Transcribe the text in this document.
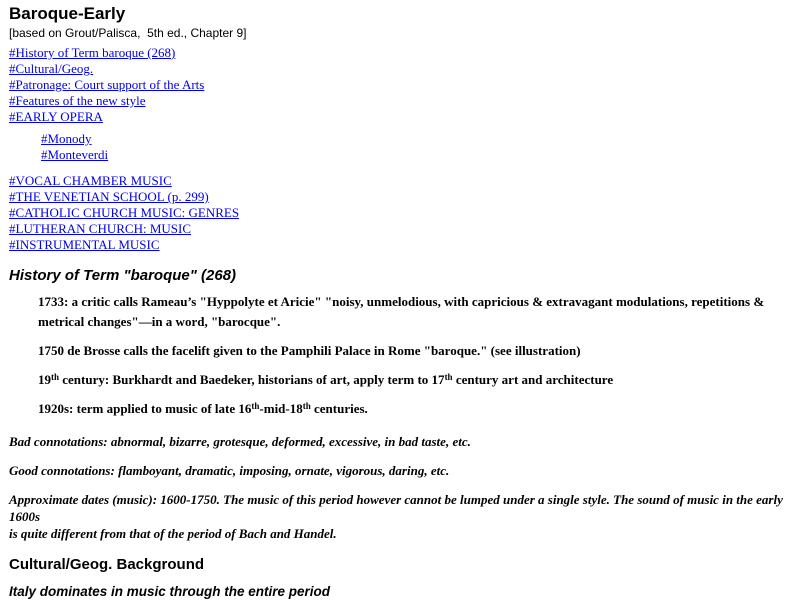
Baroque-Early
[based on Grout/Palisca,  5th ed., Chapter 9]
#History of Term baroque (268)
#Cultural/Geog.
#Patronage: Court support of the Arts
#Features of the new style
#EARLY OPERA
#Monody
#Monteverdi
#VOCAL CHAMBER MUSIC
#THE VENETIAN SCHOOL (p. 299)
#CATHOLIC CHURCH MUSIC: GENRES
#LUTHERAN CHURCH: MUSIC
#INSTRUMENTAL MUSIC
History of Term "baroque" (268)
1733: a critic calls Rameau’s "Hyppolyte et Aricie" "noisy, unmelodious, with capricious & extravagant modulations, repetitions &
metrical changes"—in a word, "barocque".
1750 de Brosse calls the facelift given to the Pamphili Palace in Rome "baroque." (see illustration)
19th century: Burkhardt and Baedeker, historians of art, apply term to 17th century art and architecture
1920s: term applied to music of late 16th-mid-18th centuries.
Bad connotations: abnormal, bizarre, grotesque, deformed, excessive, in bad taste, etc.
Good connotations: flamboyant, dramatic, imposing, ornate, vigorous, daring, etc.
Approximate dates (music): 1600-1750. The music of this period however cannot be lumped under a single style. The sound of music in the early 1600s
is quite different from that of the period of Bach and Handel.
Cultural/Geog. Background
Italy dominates in music through the entire period
